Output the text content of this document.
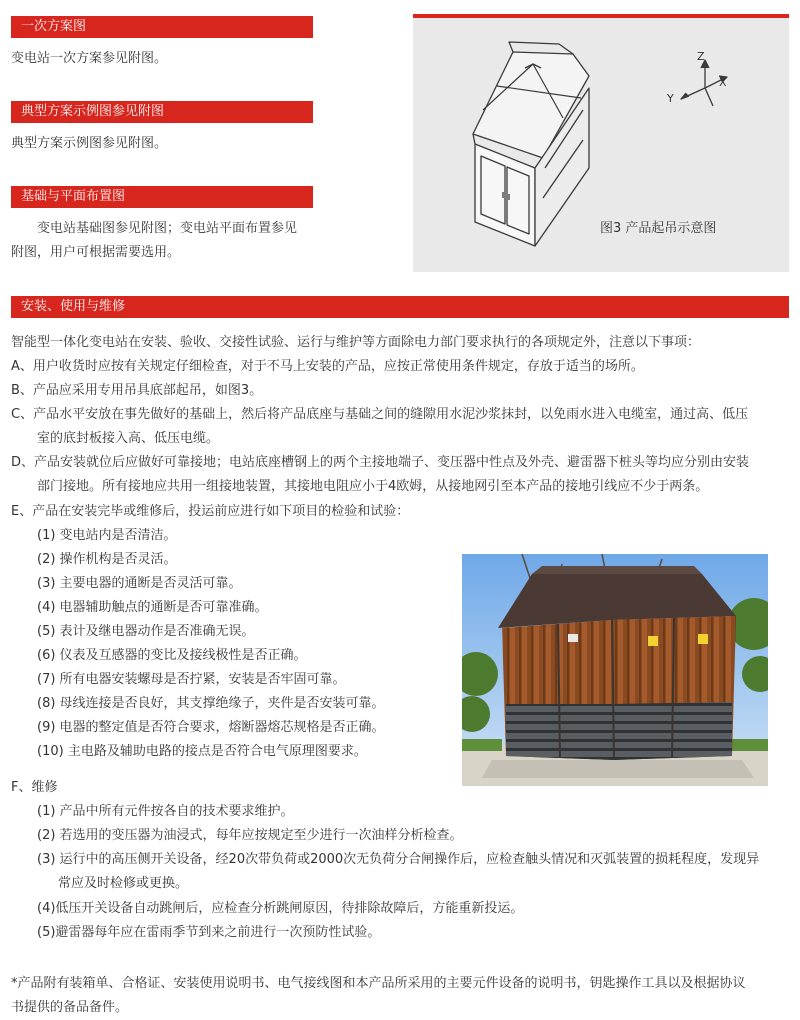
一次方案图
变电站一次方案参见附图。
典型方案示例图参见附图
典型方案示例图参见附图。
基础与平面布置图
变电站基础图参见附图；变电站平面布置参见
附图，用户可根据需要选用。
Z
X
Y
图3 产品起吊示意图
安装、使用与维修
智能型一体化变电站在安装、验收、交接性试验、运行与维护等方面除电力部门要求执行的各项规定外，注意以下事项：
A、用户收货时应按有关规定仔细检查，对于不马上安装的产品，应按正常使用条件规定，存放于适当的场所。
B、产品应采用专用吊具底部起吊，如图3。
C、产品水平安放在事先做好的基础上，然后将产品底座与基础之间的缝隙用水泥沙浆抹封，以免雨水进入电缆室，通过高、低压
室的底封板接入高、低压电缆。
D、产品安装就位后应做好可靠接地；电站底座槽钢上的两个主接地端子、变压器中性点及外壳、避雷器下桩头等均应分别由安装
部门接地。所有接地应共用一组接地装置，其接地电阻应小于4欧姆，从接地网引至本产品的接地引线应不少于两条。
E、产品在安装完毕或维修后，投运前应进行如下项目的检验和试验：
(1) 变电站内是否清洁。
(2) 操作机构是否灵活。
(3) 主要电器的通断是否灵活可靠。
(4) 电器辅助触点的通断是否可靠准确。
(5) 表计及继电器动作是否准确无误。
(6) 仪表及互感器的变比及接线极性是否正确。
(7) 所有电器安装螺母是否拧紧，安装是否牢固可靠。
(8) 母线连接是否良好，其支撑绝缘子，夹件是否安装可靠。
(9) 电器的整定值是否符合要求，熔断器熔芯规格是否正确。
(10) 主电路及辅助电路的接点是否符合电气原理图要求。
F、维修
(1) 产品中所有元件按各自的技术要求维护。
(2) 若选用的变压器为油浸式，每年应按规定至少进行一次油样分析检查。
(3) 运行中的高压侧开关设备，经20次带负荷或2000次无负荷分合闸操作后，应检查触头情况和灭弧装置的损耗程度，发现异
常应及时检修或更换。
(4)低压开关设备自动跳闸后，应检查分析跳闸原因，待排除故障后，方能重新投运。
(5)避雷器每年应在雷雨季节到来之前进行一次预防性试验。
*产品附有装箱单、合格证、安装使用说明书、电气接线图和本产品所采用的主要元件设备的说明书，钥匙操作工具以及根据协议
书提供的备品备件。
